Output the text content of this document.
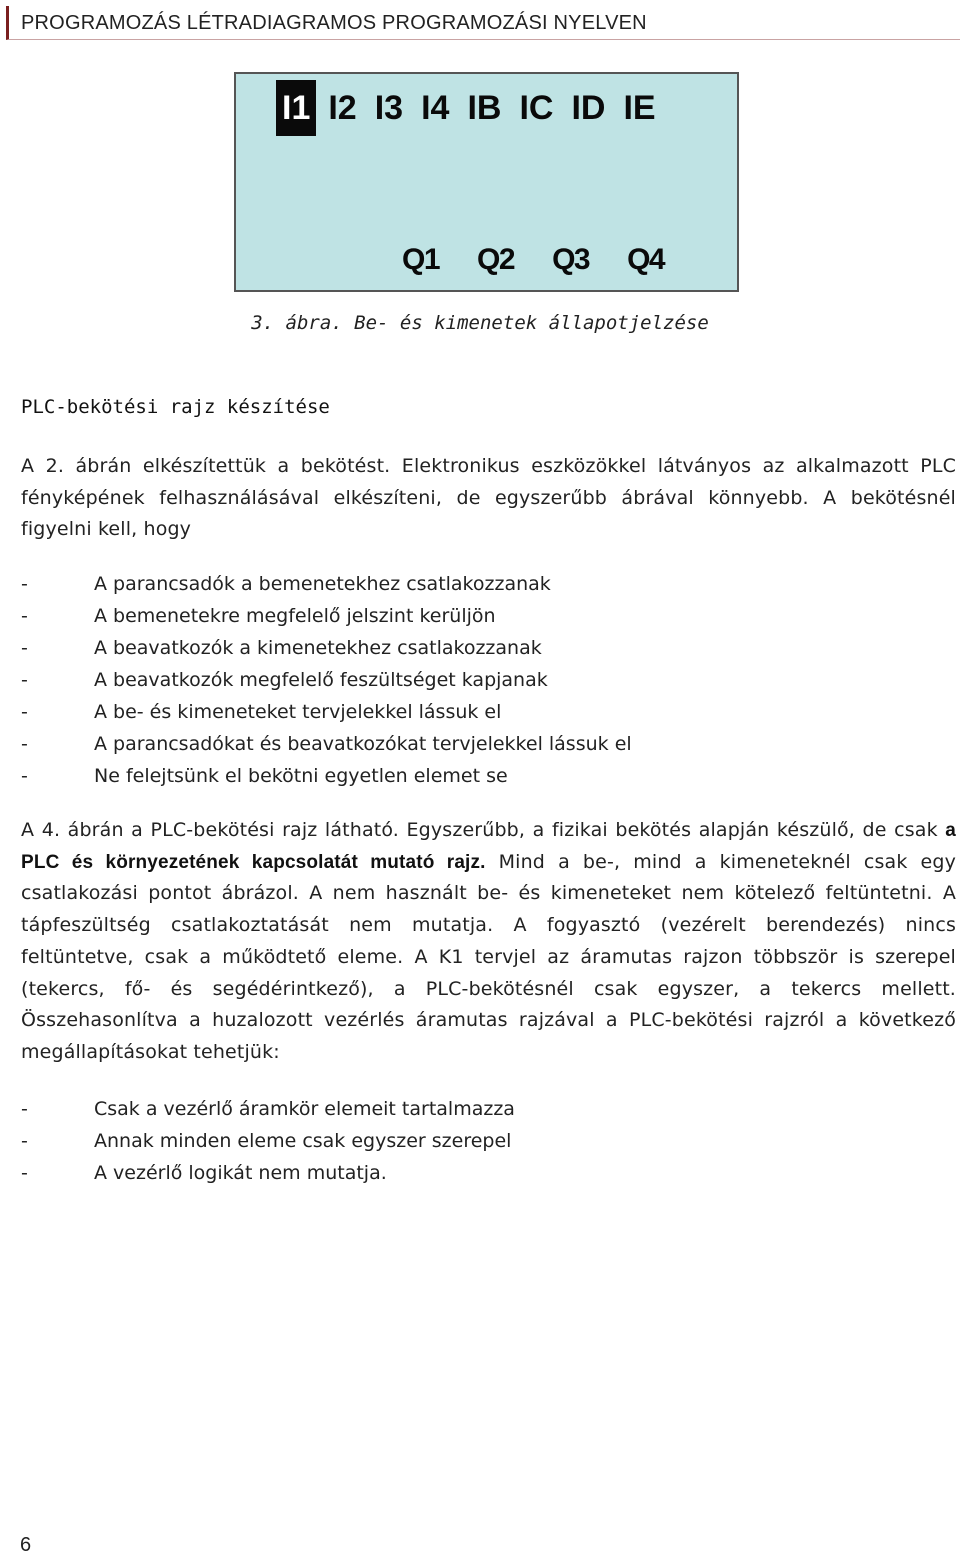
PROGRAMOZÁS LÉTRADIAGRAMOS PROGRAMOZÁSI NYELVEN
I1 I2 I3 I4 IB IC ID IE
Q1 Q2 Q3 Q4
3. ábra. Be- és kimenetek állapotjelzése
PLC-bekötési rajz készítése
A 2. ábrán elkészítettük a bekötést. Elektronikus eszközökkel látványos az alkalmazott PLC fényképének felhasználásával elkészíteni, de egyszerűbb ábrával könnyebb. A bekötésnél figyelni kell, hogy
-	A parancsadók a bemenetekhez csatlakozzanak
-	A bemenetekre megfelelő jelszint kerüljön
-	A beavatkozók a kimenetekhez csatlakozzanak
-	A beavatkozók megfelelő feszültséget kapjanak
-	A be- és kimeneteket tervjelekkel lássuk el
-	A parancsadókat és beavatkozókat tervjelekkel lássuk el
-	Ne felejtsünk el bekötni egyetlen elemet se
A 4. ábrán a PLC-bekötési rajz látható. Egyszerűbb, a fizikai bekötés alapján készülő, de csak a PLC és környezetének kapcsolatát mutató rajz. Mind a be-, mind a kimeneteknél csak egy csatlakozási pontot ábrázol. A nem használt be- és kimeneteket nem kötelező feltüntetni. A tápfeszültség csatlakoztatását nem mutatja. A fogyasztó (vezérelt berendezés) nincs feltüntetve, csak a működtető eleme. A K1 tervjel az áramutas rajzon többször is szerepel (tekercs, fő- és segédérintkező), a PLC-bekötésnél csak egyszer, a tekercs mellett. Összehasonlítva a huzalozott vezérlés áramutas rajzával a PLC-bekötési rajzról a következő megállapításokat tehetjük:
-	Csak a vezérlő áramkör elemeit tartalmazza
-	Annak minden eleme csak egyszer szerepel
-	A vezérlő logikát nem mutatja.
6
